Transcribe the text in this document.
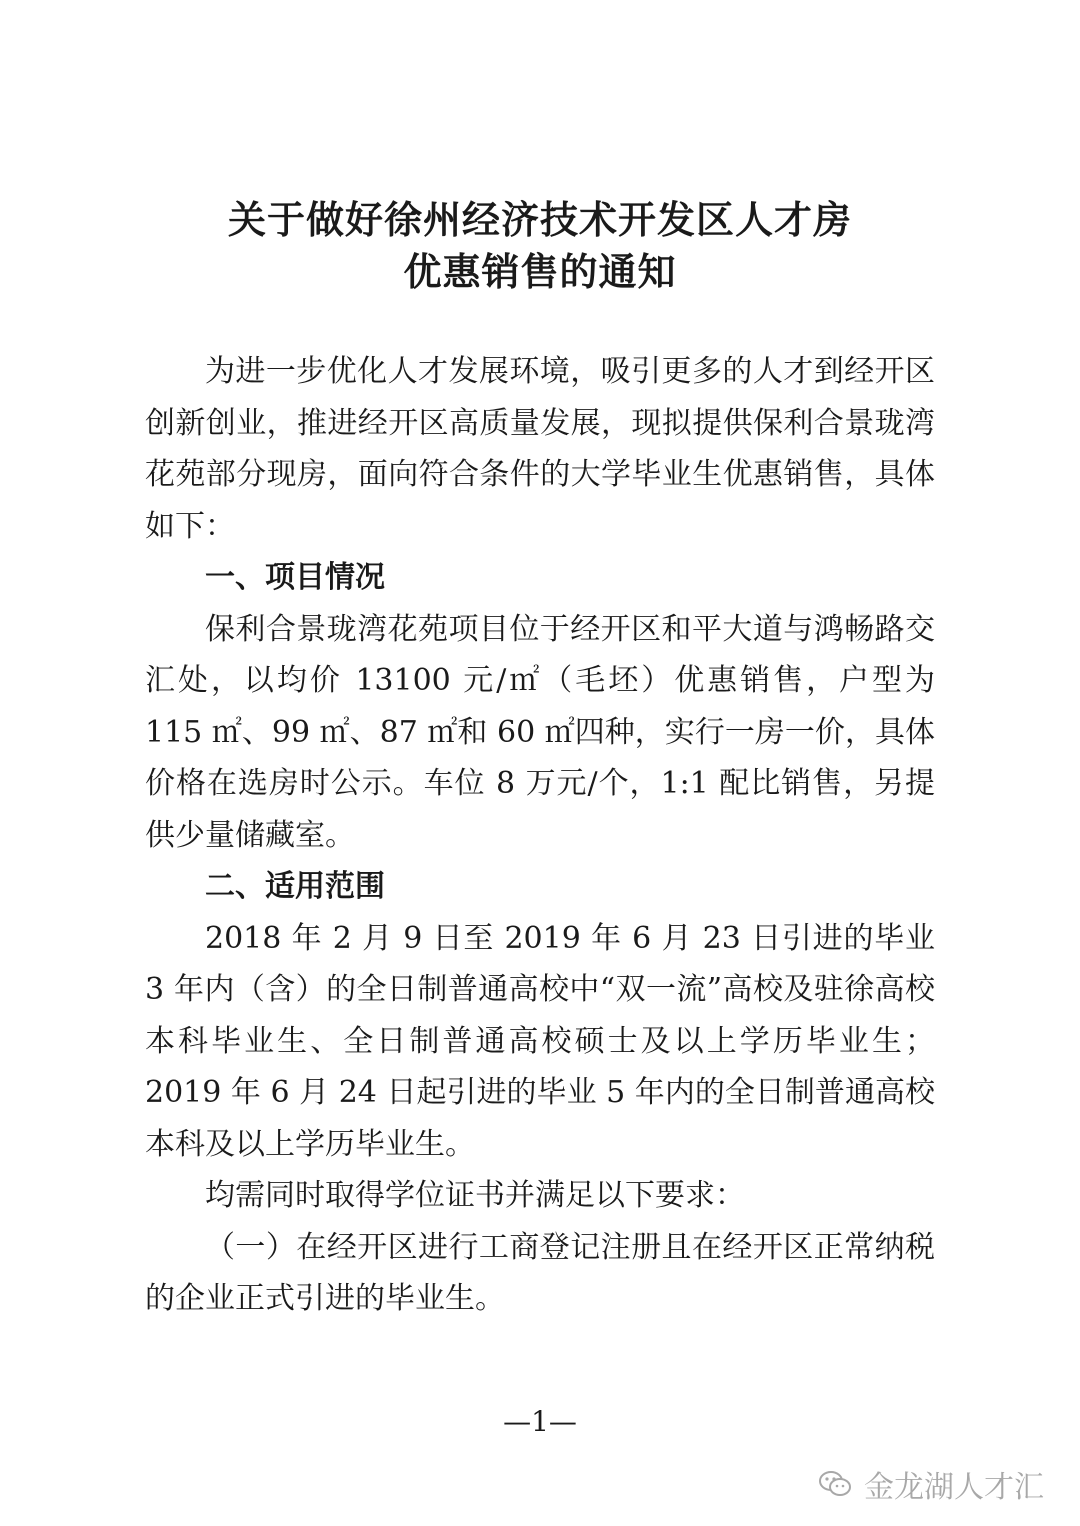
关于做好徐州经济技术开发区人才房
优惠销售的通知

为进一步优化人才发展环境，吸引更多的人才到经开区创新创业，推进经开区高质量发展，现拟提供保利合景珑湾花苑部分现房，面向符合条件的大学毕业生优惠销售，具体如下：

一、项目情况

保利合景珑湾花苑项目位于经开区和平大道与鸿畅路交汇处，以均价 13100 元/㎡（毛坯）优惠销售，户型为 115 ㎡、99 ㎡、87 ㎡和 60 ㎡四种，实行一房一价，具体价格在选房时公示。车位 8 万元/个，1:1 配比销售，另提供少量储藏室。

二、适用范围

2018 年 2 月 9 日至 2019 年 6 月 23 日引进的毕业 3 年内（含）的全日制普通高校中“双一流”高校及驻徐高校本科毕业生、全日制普通高校硕士及以上学历毕业生；2019 年 6 月 24 日起引进的毕业 5 年内的全日制普通高校本科及以上学历毕业生。

均需同时取得学位证书并满足以下要求：

（一）在经开区进行工商登记注册且在经开区正常纳税的企业正式引进的毕业生。

—1—
金龙湖人才汇
